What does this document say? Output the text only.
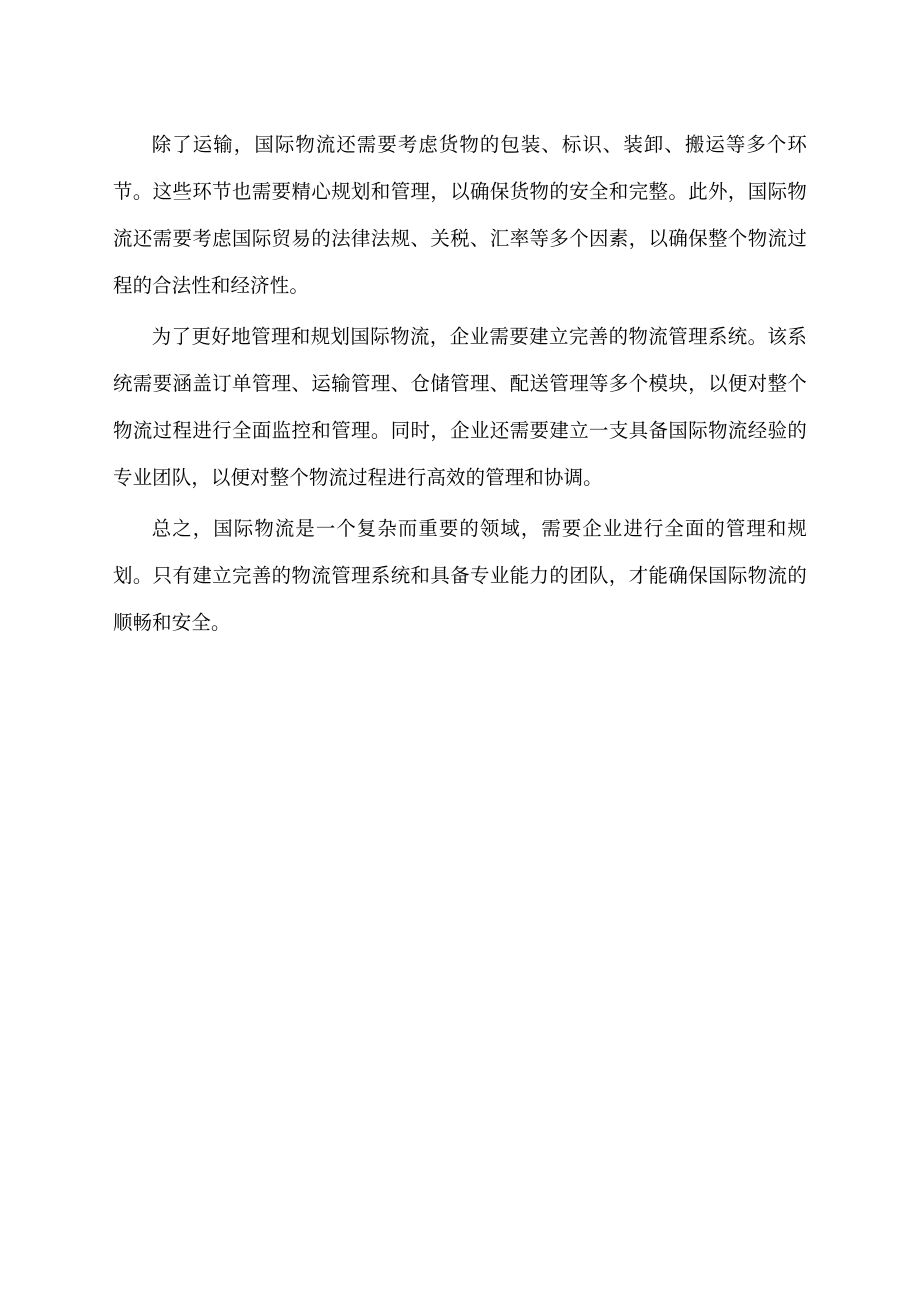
除了运输，国际物流还需要考虑货物的包装、标识、装卸、搬运等多个环节。这些环节也需要精心规划和管理，以确保货物的安全和完整。此外，国际物流还需要考虑国际贸易的法律法规、关税、汇率等多个因素，以确保整个物流过程的合法性和经济性。

为了更好地管理和规划国际物流，企业需要建立完善的物流管理系统。该系统需要涵盖订单管理、运输管理、仓储管理、配送管理等多个模块，以便对整个物流过程进行全面监控和管理。同时，企业还需要建立一支具备国际物流经验的专业团队，以便对整个物流过程进行高效的管理和协调。

总之，国际物流是一个复杂而重要的领域，需要企业进行全面的管理和规划。只有建立完善的物流管理系统和具备专业能力的团队，才能确保国际物流的顺畅和安全。
